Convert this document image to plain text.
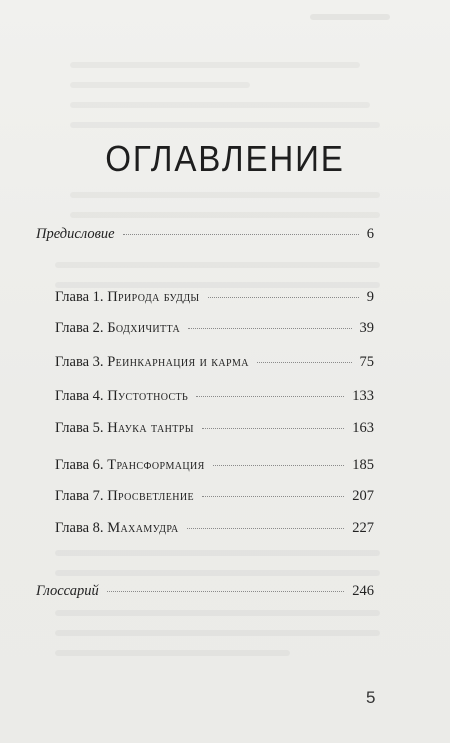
ОГЛАВЛЕНИЕ
Предисловие	6
Глава 1. Природа будды	9
Глава 2. Бодхичитта	39
Глава 3. Реинкарнация и карма	75
Глава 4. Пустотность	133
Глава 5. Наука тантры	163
Глава 6. Трансформация	185
Глава 7. Просветление	207
Глава 8. Махамудра	227
Глоссарий	246
5
